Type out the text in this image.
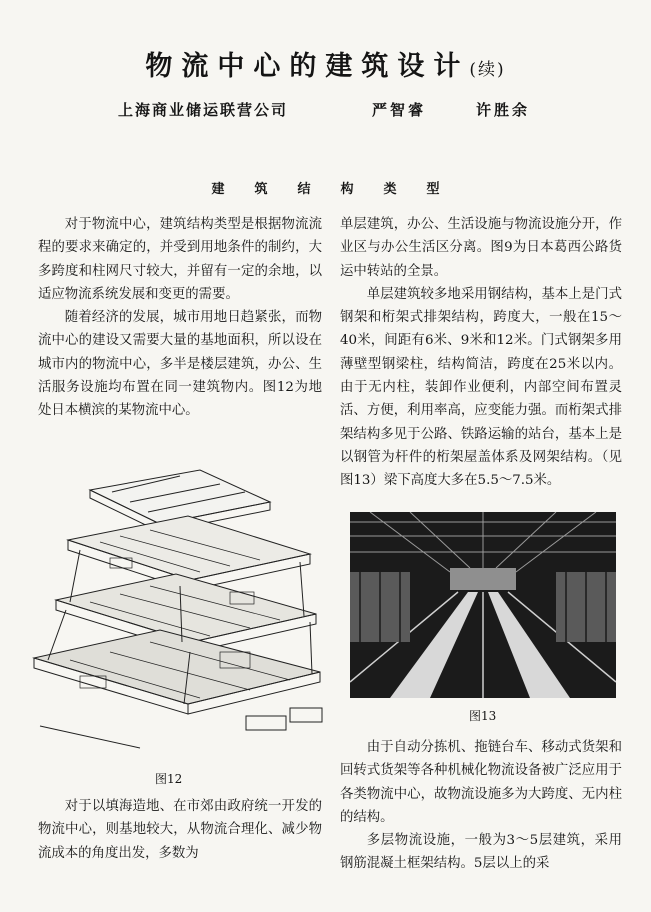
物流中心的建筑设计(续)
上海商业储运联营公司	严智睿	许胜余
建筑结构类型

对于物流中心，建筑结构类型是根据物流流程的要求来确定的，并受到用地条件的制约，大多跨度和柱网尺寸较大，并留有一定的余地，以适应物流系统发展和变更的需要。

随着经济的发展，城市用地日趋紧张，而物流中心的建设又需要大量的基地面积，所以设在城市内的物流中心，多半是楼层建筑，办公、生活服务设施均布置在同一建筑物内。图12为地处日本横滨的某物流中心。

图12

对于以填海造地、在市郊由政府统一开发的物流中心，则基地较大，从物流合理化、减少物流成本的角度出发，多数为

单层建筑，办公、生活设施与物流设施分开，作业区与办公生活区分离。图9为日本葛西公路货运中转站的全景。

单层建筑较多地采用钢结构，基本上是门式钢架和桁架式排架结构，跨度大，一般在15～40米，间距有6米、9米和12米。门式钢架多用薄壁型钢梁柱，结构简洁，跨度在25米以内。由于无内柱，装卸作业便利，内部空间布置灵活、方便，利用率高，应变能力强。而桁架式排架结构多见于公路、铁路运输的站台，基本上是以钢管为杆件的桁架屋盖体系及网架结构。（见图13）梁下高度大多在5.5～7.5米。

图13

由于自动分拣机、拖链台车、移动式货架和回转式货架等各种机械化物流设备被广泛应用于各类物流中心，故物流设施多为大跨度、无内柱的结构。

多层物流设施，一般为3～5层建筑，采用钢筋混凝土框架结构。5层以上的采
